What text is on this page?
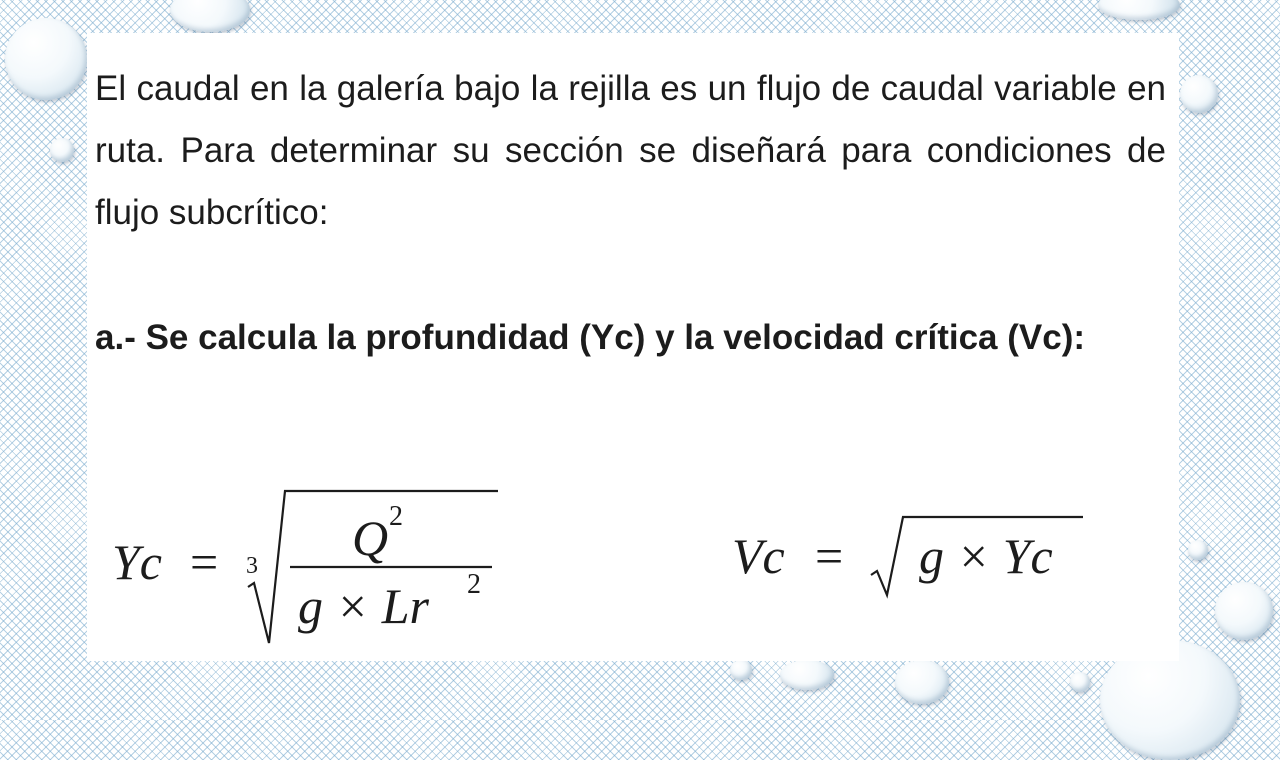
El caudal en la galería bajo la rejilla es un flujo de caudal variable en ruta. Para determinar su sección se diseñará para condiciones de flujo subcrítico:

a.- Se calcula la profundidad (Yc) y la velocidad crítica (Vc):

Yc = 3 Q 2
g × Lr 2
Vc = g × Yc
